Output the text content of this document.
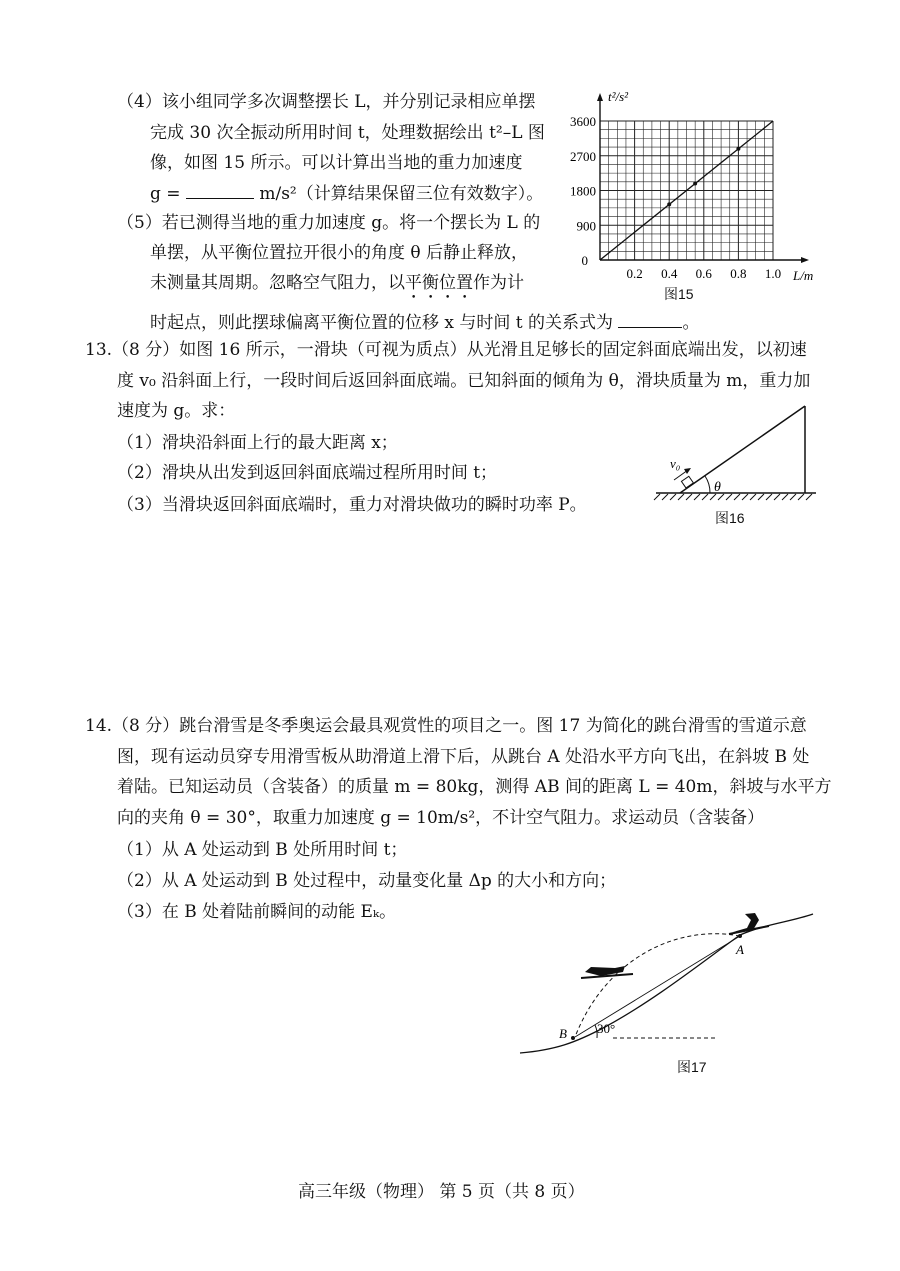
（4）该小组同学多次调整摆长 L，并分别记录相应单摆
完成 30 次全振动所用时间 t，处理数据绘出 t²–L 图
像，如图 15 所示。可以计算出当地的重力加速度
g =	m/s²（计算结果保留三位有效数字）。
（5）若已测得当地的重力加速度 g。将一个摆长为 L 的
单摆，从平衡位置拉开很小的角度 θ 后静止释放，
未测量其周期。忽略空气阻力，以平衡位置作为计
时起点，则此摆球偏离平衡位置的位移 x 与时间 t 的关系式为	。
3600
2700
1800
900
0
0.2 0.4 0.6 0.8 1.0
t²/s²
L/m
图15
13.（8 分）如图 16 所示，一滑块（可视为质点）从光滑且足够长的固定斜面底端出发，以初速
度 v₀ 沿斜面上行，一段时间后返回斜面底端。已知斜面的倾角为 θ，滑块质量为 m，重力加
速度为 g。求：
（1）滑块沿斜面上行的最大距离 x；
（2）滑块从出发到返回斜面底端过程所用时间 t；
（3）当滑块返回斜面底端时，重力对滑块做功的瞬时功率 P。
v₀
θ
图16
14.（8 分）跳台滑雪是冬季奥运会最具观赏性的项目之一。图 17 为简化的跳台滑雪的雪道示意
图，现有运动员穿专用滑雪板从助滑道上滑下后，从跳台 A 处沿水平方向飞出，在斜坡 B 处
着陆。已知运动员（含装备）的质量 m = 80kg，测得 AB 间的距离 L = 40m，斜坡与水平方
向的夹角 θ = 30°，取重力加速度 g = 10m/s²，不计空气阻力。求运动员（含装备）
（1）从 A 处运动到 B 处所用时间 t；
（2）从 A 处运动到 B 处过程中，动量变化量 Δp 的大小和方向；
（3）在 B 处着陆前瞬间的动能 Eₖ。
A
B 30°
图17
高三年级（物理） 第 5 页（共 8 页）
